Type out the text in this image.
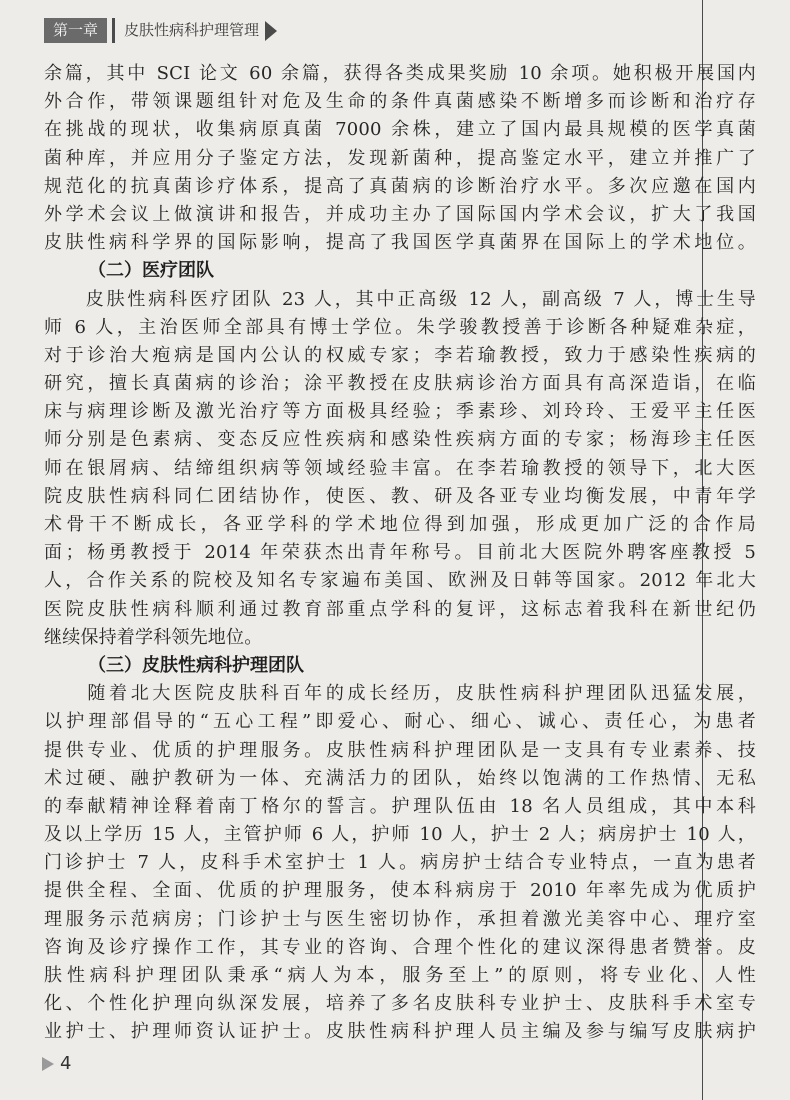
第一章	皮肤性病科护理管理
余篇，其中 SCI 论文 60 余篇，获得各类成果奖励 10 余项。她积极开展国内
外合作，带领课题组针对危及生命的条件真菌感染不断增多而诊断和治疗存
在挑战的现状，收集病原真菌 7000 余株，建立了国内最具规模的医学真菌
菌种库，并应用分子鉴定方法，发现新菌种，提高鉴定水平，建立并推广了
规范化的抗真菌诊疗体系，提高了真菌病的诊断治疗水平。多次应邀在国内
外学术会议上做演讲和报告，并成功主办了国际国内学术会议，扩大了我国
皮肤性病科学界的国际影响，提高了我国医学真菌界在国际上的学术地位。
（二）医疗团队
　　皮肤性病科医疗团队 23 人，其中正高级 12 人，副高级 7 人，博士生导
师 6 人，主治医师全部具有博士学位。朱学骏教授善于诊断各种疑难杂症，
对于诊治大疱病是国内公认的权威专家；李若瑜教授，致力于感染性疾病的
研究，擅长真菌病的诊治；涂平教授在皮肤病诊治方面具有高深造诣，在临
床与病理诊断及激光治疗等方面极具经验；季素珍、刘玲玲、王爱平主任医
师分别是色素病、变态反应性疾病和感染性疾病方面的专家；杨海珍主任医
师在银屑病、结缔组织病等领域经验丰富。在李若瑜教授的领导下，北大医
院皮肤性病科同仁团结协作，使医、教、研及各亚专业均衡发展，中青年学
术骨干不断成长，各亚学科的学术地位得到加强，形成更加广泛的合作局
面；杨勇教授于 2014 年荣获杰出青年称号。目前北大医院外聘客座教授 5
人，合作关系的院校及知名专家遍布美国、欧洲及日韩等国家。2012 年北大
医院皮肤性病科顺利通过教育部重点学科的复评，这标志着我科在新世纪仍
继续保持着学科领先地位。
（三）皮肤性病科护理团队
　　随着北大医院皮肤科百年的成长经历，皮肤性病科护理团队迅猛发展，
以护理部倡导的“五心工程”即爱心、耐心、细心、诚心、责任心，为患者
提供专业、优质的护理服务。皮肤性病科护理团队是一支具有专业素养、技
术过硬、融护教研为一体、充满活力的团队，始终以饱满的工作热情、无私
的奉献精神诠释着南丁格尔的誓言。护理队伍由 18 名人员组成，其中本科
及以上学历 15 人，主管护师 6 人，护师 10 人，护士 2 人；病房护士 10 人，
门诊护士 7 人，皮科手术室护士 1 人。病房护士结合专业特点，一直为患者
提供全程、全面、优质的护理服务，使本科病房于 2010 年率先成为优质护
理服务示范病房；门诊护士与医生密切协作，承担着激光美容中心、理疗室
咨询及诊疗操作工作，其专业的咨询、合理个性化的建议深得患者赞誉。皮
肤性病科护理团队秉承“病人为本，服务至上”的原则，将专业化、人性
化、个性化护理向纵深发展，培养了多名皮肤科专业护士、皮肤科手术室专
业护士、护理师资认证护士。皮肤性病科护理人员主编及参与编写皮肤病护
4
